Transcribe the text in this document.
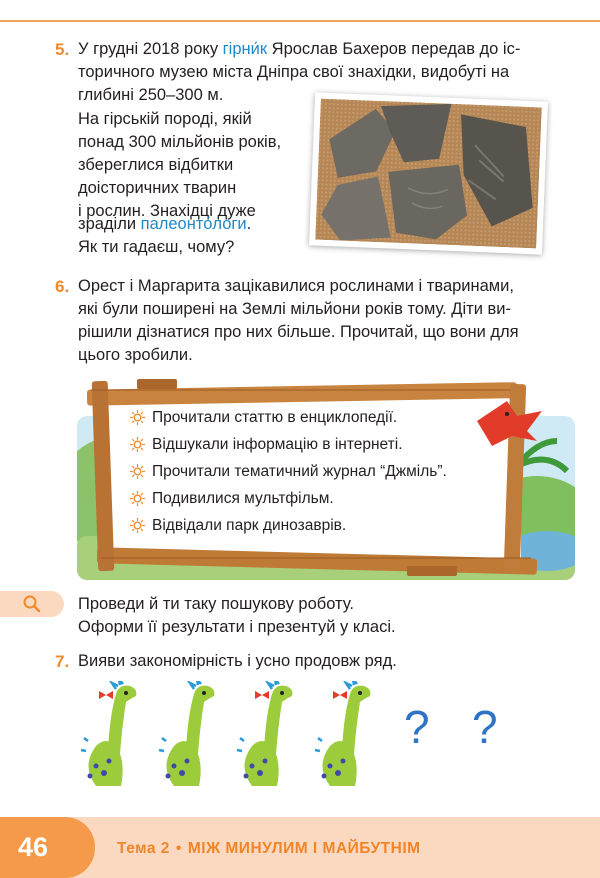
5. У грудні 2018 року гірни́к Ярослав Бахеров передав до іс-
торичного музею міста Дніпра свої знахідки, видобуті на
глибині 250–300 м.
На гірській породі, якій
понад 300 мільйонів років,
збереглися відбитки
доісторичних тварин
і рослин. Знахідці дуже
зраділи палеонто́логи.
Як ти гадаєш, чому?
6. Орест і Маргарита зацікавилися рослинами і тваринами,
які були поширені на Землі мільйони років тому. Діти ви-
рішили дізнатися про них більше. Прочитай, що вони для
цього зробили.
Прочитали статтю в енциклопедії.
Відшукали інформацію в інтернеті.
Прочитали тематичний журнал “Джміль”.
Подивилися мультфільм.
Відвідали парк динозаврів.
Проведи й ти таку пошукову роботу.
Оформи її результати і презентуй у класі.
7. Вияви закономірність і усно продовж ряд.
? ?
46	Тема 2 • МІЖ МИНУЛИМ І МАЙБУТНІМ
